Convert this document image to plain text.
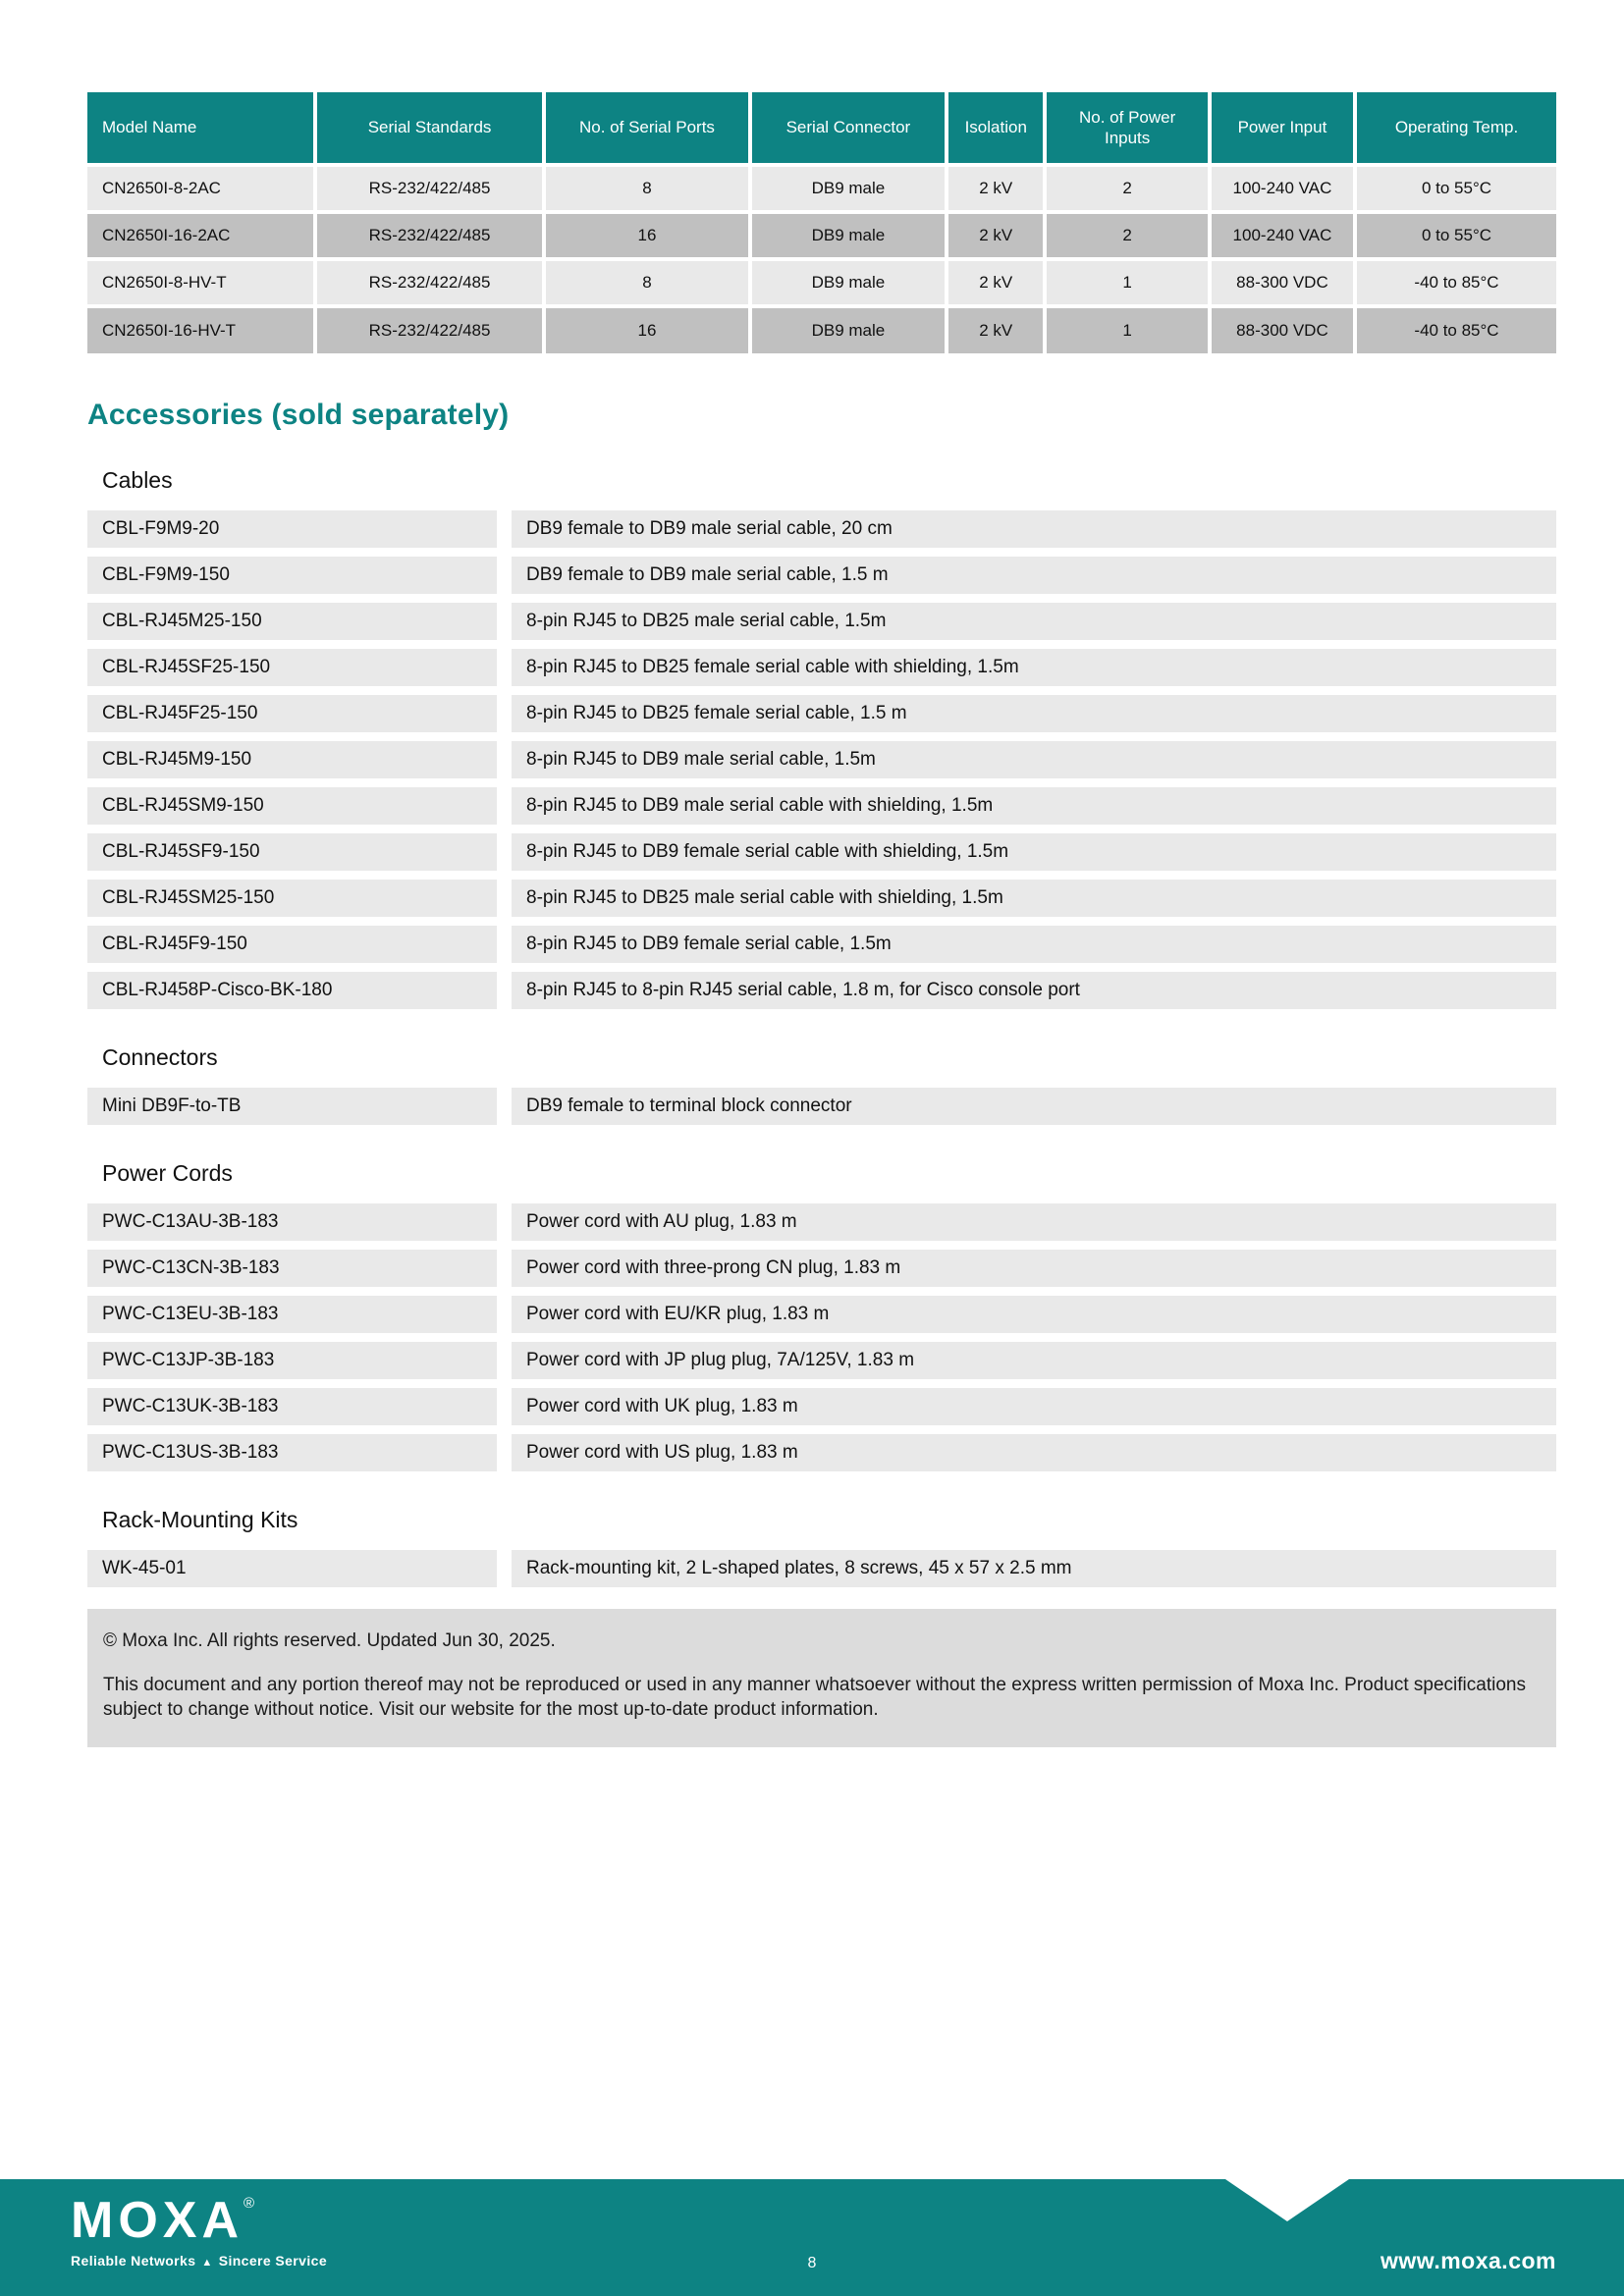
Model Name	Serial Standards	No. of Serial Ports	Serial Connector	Isolation	No. of Power Inputs	Power Input	Operating Temp.
CN2650I-8-2AC	RS-232/422/485	8	DB9 male	2 kV	2	100-240 VAC	0 to 55°C
CN2650I-16-2AC	RS-232/422/485	16	DB9 male	2 kV	2	100-240 VAC	0 to 55°C
CN2650I-8-HV-T	RS-232/422/485	8	DB9 male	2 kV	1	88-300 VDC	-40 to 85°C
CN2650I-16-HV-T	RS-232/422/485	16	DB9 male	2 kV	1	88-300 VDC	-40 to 85°C
Accessories (sold separately)
Cables
CBL-F9M9-20	DB9 female to DB9 male serial cable, 20 cm
CBL-F9M9-150	DB9 female to DB9 male serial cable, 1.5 m
CBL-RJ45M25-150	8-pin RJ45 to DB25 male serial cable, 1.5m
CBL-RJ45SF25-150	8-pin RJ45 to DB25 female serial cable with shielding, 1.5m
CBL-RJ45F25-150	8-pin RJ45 to DB25 female serial cable, 1.5 m
CBL-RJ45M9-150	8-pin RJ45 to DB9 male serial cable, 1.5m
CBL-RJ45SM9-150	8-pin RJ45 to DB9 male serial cable with shielding, 1.5m
CBL-RJ45SF9-150	8-pin RJ45 to DB9 female serial cable with shielding, 1.5m
CBL-RJ45SM25-150	8-pin RJ45 to DB25 male serial cable with shielding, 1.5m
CBL-RJ45F9-150	8-pin RJ45 to DB9 female serial cable, 1.5m
CBL-RJ458P-Cisco-BK-180	8-pin RJ45 to 8-pin RJ45 serial cable, 1.8 m, for Cisco console port
Connectors
Mini DB9F-to-TB	DB9 female to terminal block connector
Power Cords
PWC-C13AU-3B-183	Power cord with AU plug, 1.83 m
PWC-C13CN-3B-183	Power cord with three-prong CN plug, 1.83 m
PWC-C13EU-3B-183	Power cord with EU/KR plug, 1.83 m
PWC-C13JP-3B-183	Power cord with JP plug plug, 7A/125V, 1.83 m
PWC-C13UK-3B-183	Power cord with UK plug, 1.83 m
PWC-C13US-3B-183	Power cord with US plug, 1.83 m
Rack-Mounting Kits
WK-45-01	Rack-mounting kit, 2 L-shaped plates, 8 screws, 45 x 57 x 2.5 mm

© Moxa Inc. All rights reserved. Updated Jun 30, 2025.

This document and any portion thereof may not be reproduced or used in any manner whatsoever without the express written permission of Moxa Inc. Product specifications subject to change without notice. Visit our website for the most up-to-date product information.

MOXA®
Reliable Networks ▲ Sincere Service	8	www.moxa.com
